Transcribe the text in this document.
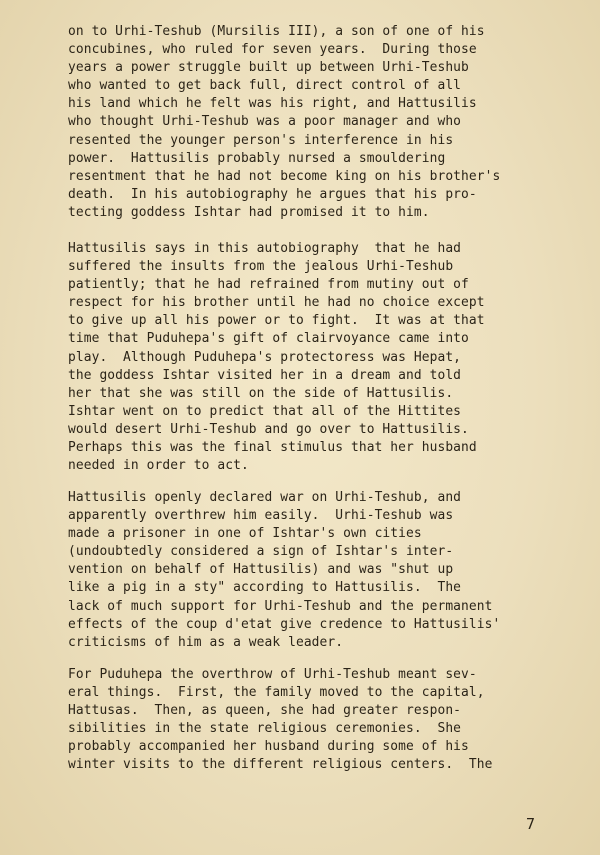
on to Urhi-Teshub (Mursilis III), a son of one of his
concubines, who ruled for seven years.  During those
years a power struggle built up between Urhi-Teshub
who wanted to get back full, direct control of all
his land which he felt was his right, and Hattusilis
who thought Urhi-Teshub was a poor manager and who
resented the younger person's interference in his
power.  Hattusilis probably nursed a smouldering
resentment that he had not become king on his brother's
death.  In his autobiography he argues that his pro-
tecting goddess Ishtar had promised it to him.
Hattusilis says in this autobiography  that he had
suffered the insults from the jealous Urhi-Teshub
patiently; that he had refrained from mutiny out of
respect for his brother until he had no choice except
to give up all his power or to fight.  It was at that
time that Puduhepa's gift of clairvoyance came into
play.  Although Puduhepa's protectoress was Hepat,
the goddess Ishtar visited her in a dream and told
her that she was still on the side of Hattusilis.
Ishtar went on to predict that all of the Hittites
would desert Urhi-Teshub and go over to Hattusilis.
Perhaps this was the final stimulus that her husband
needed in order to act.
Hattusilis openly declared war on Urhi-Teshub, and
apparently overthrew him easily.  Urhi-Teshub was
made a prisoner in one of Ishtar's own cities
(undoubtedly considered a sign of Ishtar's inter-
vention on behalf of Hattusilis) and was "shut up
like a pig in a sty" according to Hattusilis.  The
lack of much support for Urhi-Teshub and the permanent
effects of the coup d'etat give credence to Hattusilis'
criticisms of him as a weak leader.
For Puduhepa the overthrow of Urhi-Teshub meant sev-
eral things.  First, the family moved to the capital,
Hattusas.  Then, as queen, she had greater respon-
sibilities in the state religious ceremonies.  She
probably accompanied her husband during some of his
winter visits to the different religious centers.  The
7
